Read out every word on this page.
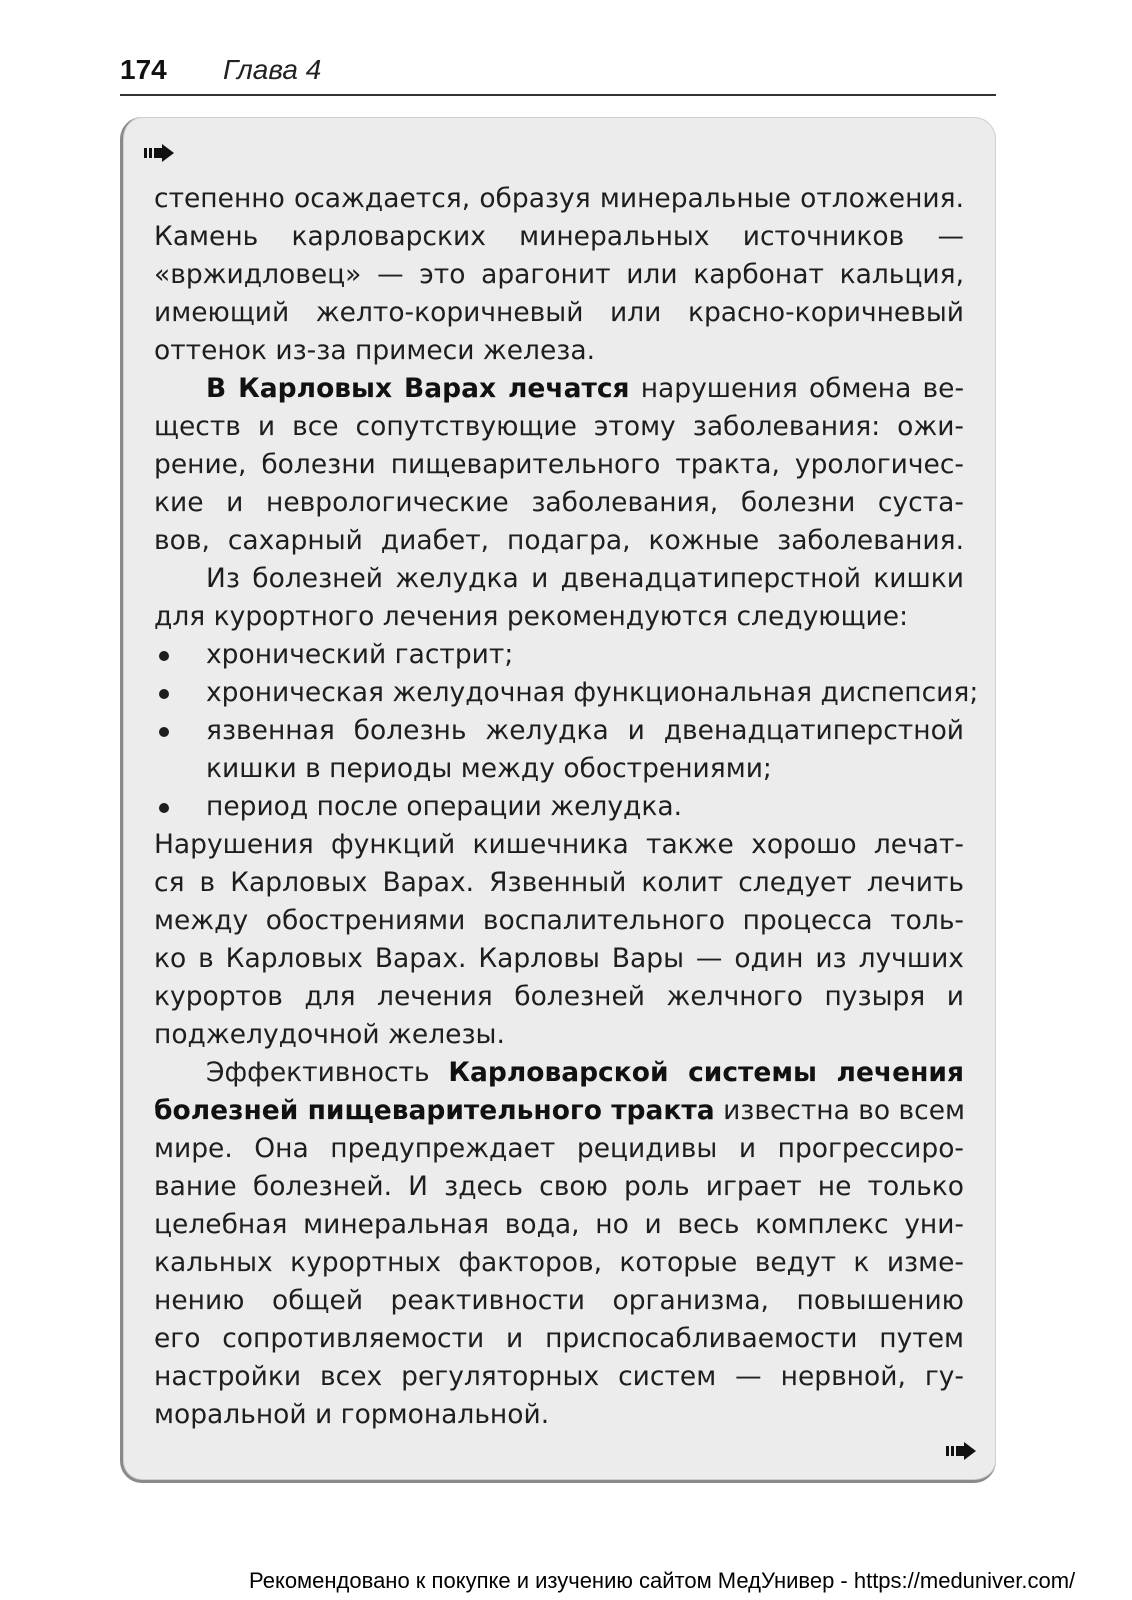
174 Глава 4
степенно осаждается, образуя минеральные отложения.
Камень карловарских минеральных источников —
«вржидловец» — это арагонит или карбонат кальция,
имеющий желто-коричневый или красно-коричневый
оттенок из-за примеси железа.
В Карловых Варах лечатся нарушения обмена ве-
ществ и все сопутствующие этому заболевания: ожи-
рение, болезни пищеварительного тракта, урологичес-
кие и неврологические заболевания, болезни суста-
вов, сахарный диабет, подагра, кожные заболевания.
Из болезней желудка и двенадцатиперстной кишки
для курортного лечения рекомендуются следующие:
хронический гастрит;
хроническая желудочная функциональная диспепсия;
язвенная болезнь желудка и двенадцатиперстной
кишки в периоды между обострениями;
период после операции желудка.
Нарушения функций кишечника также хорошо лечат-
ся в Карловых Варах. Язвенный колит следует лечить
между обострениями воспалительного процесса толь-
ко в Карловых Варах. Карловы Вары — один из лучших
курортов для лечения болезней желчного пузыря и
поджелудочной железы.
Эффективность Карловарской системы лечения
болезней пищеварительного тракта известна во всем
мире. Она предупреждает рецидивы и прогрессиро-
вание болезней. И здесь свою роль играет не только
целебная минеральная вода, но и весь комплекс уни-
кальных курортных факторов, которые ведут к изме-
нению общей реактивности организма, повышению
его сопротивляемости и приспосабливаемости путем
настройки всех регуляторных систем — нервной, гу-
моральной и гормональной.
Рекомендовано к покупке и изучению сайтом МедУнивер - https://meduniver.com/
